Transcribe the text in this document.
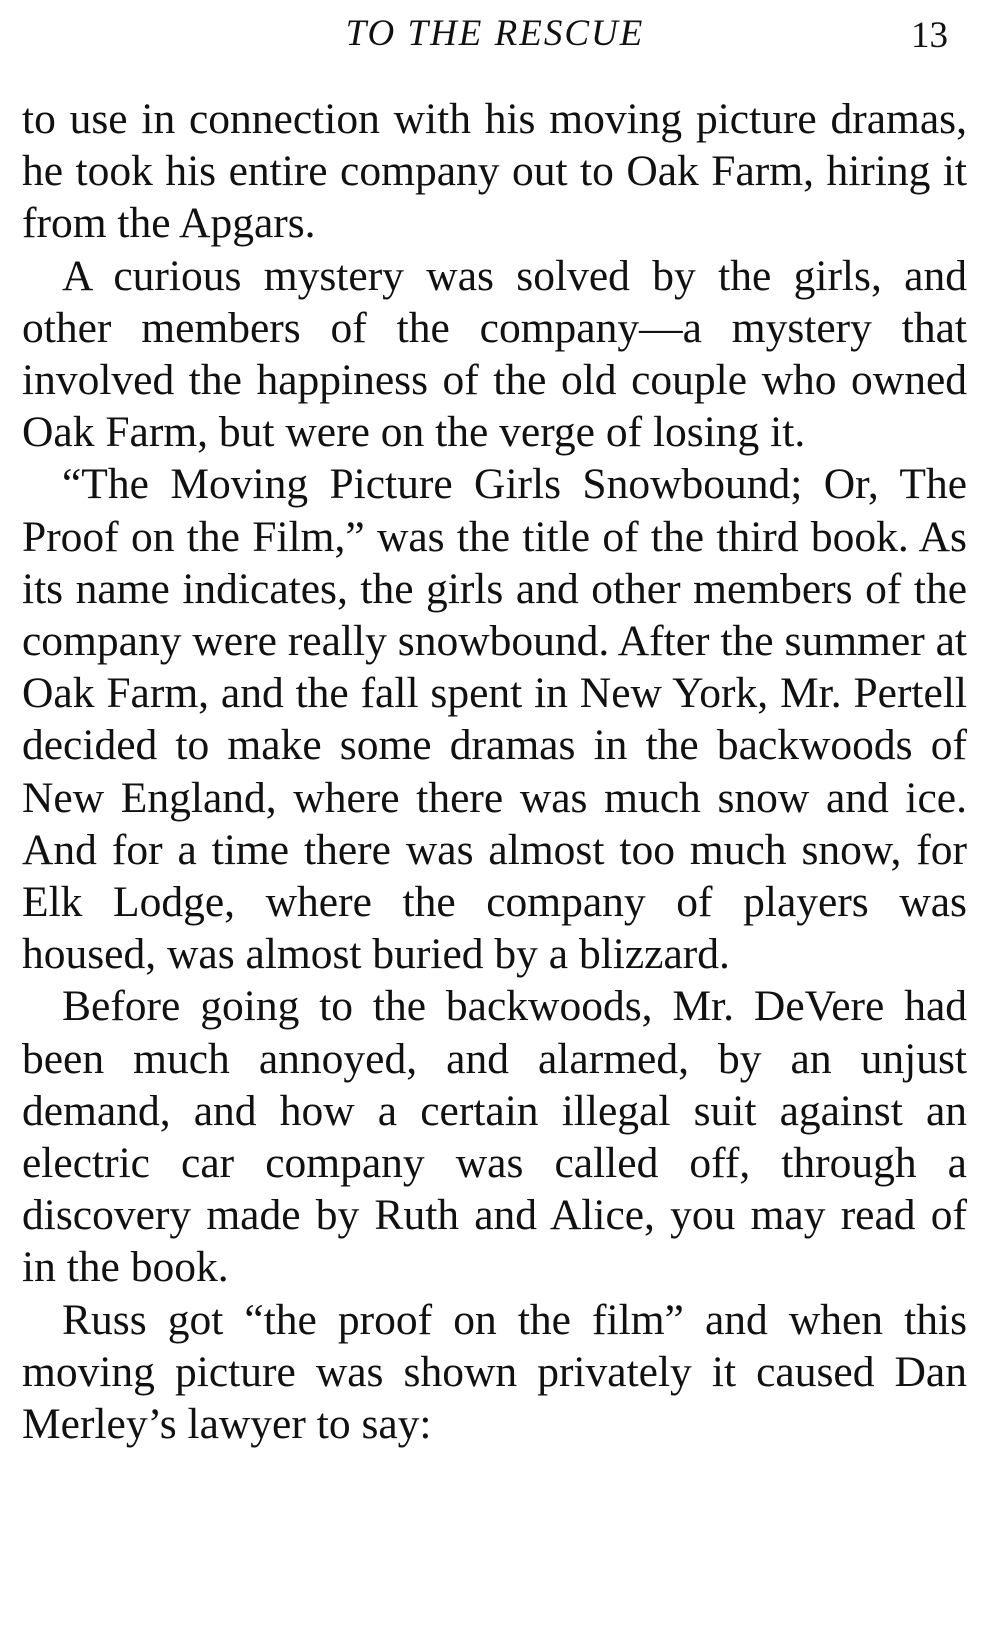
TO THE RESCUE	13

to use in connection with his moving picture dramas, he took his entire company out to Oak Farm, hiring it from the Apgars.

A curious mystery was solved by the girls, and other members of the company—a mystery that involved the happiness of the old couple who owned Oak Farm, but were on the verge of losing it.

“The Moving Picture Girls Snowbound; Or, The Proof on the Film,” was the title of the third book. As its name indicates, the girls and other members of the company were really snowbound. After the summer at Oak Farm, and the fall spent in New York, Mr. Pertell decided to make some dramas in the backwoods of New England, where there was much snow and ice. And for a time there was almost too much snow, for Elk Lodge, where the company of players was housed, was almost buried by a blizzard.

Before going to the backwoods, Mr. DeVere had been much annoyed, and alarmed, by an unjust demand, and how a certain illegal suit against an electric car company was called off, through a discovery made by Ruth and Alice, you may read of in the book.

Russ got “the proof on the film” and when this moving picture was shown privately it caused Dan Merley’s lawyer to say:
